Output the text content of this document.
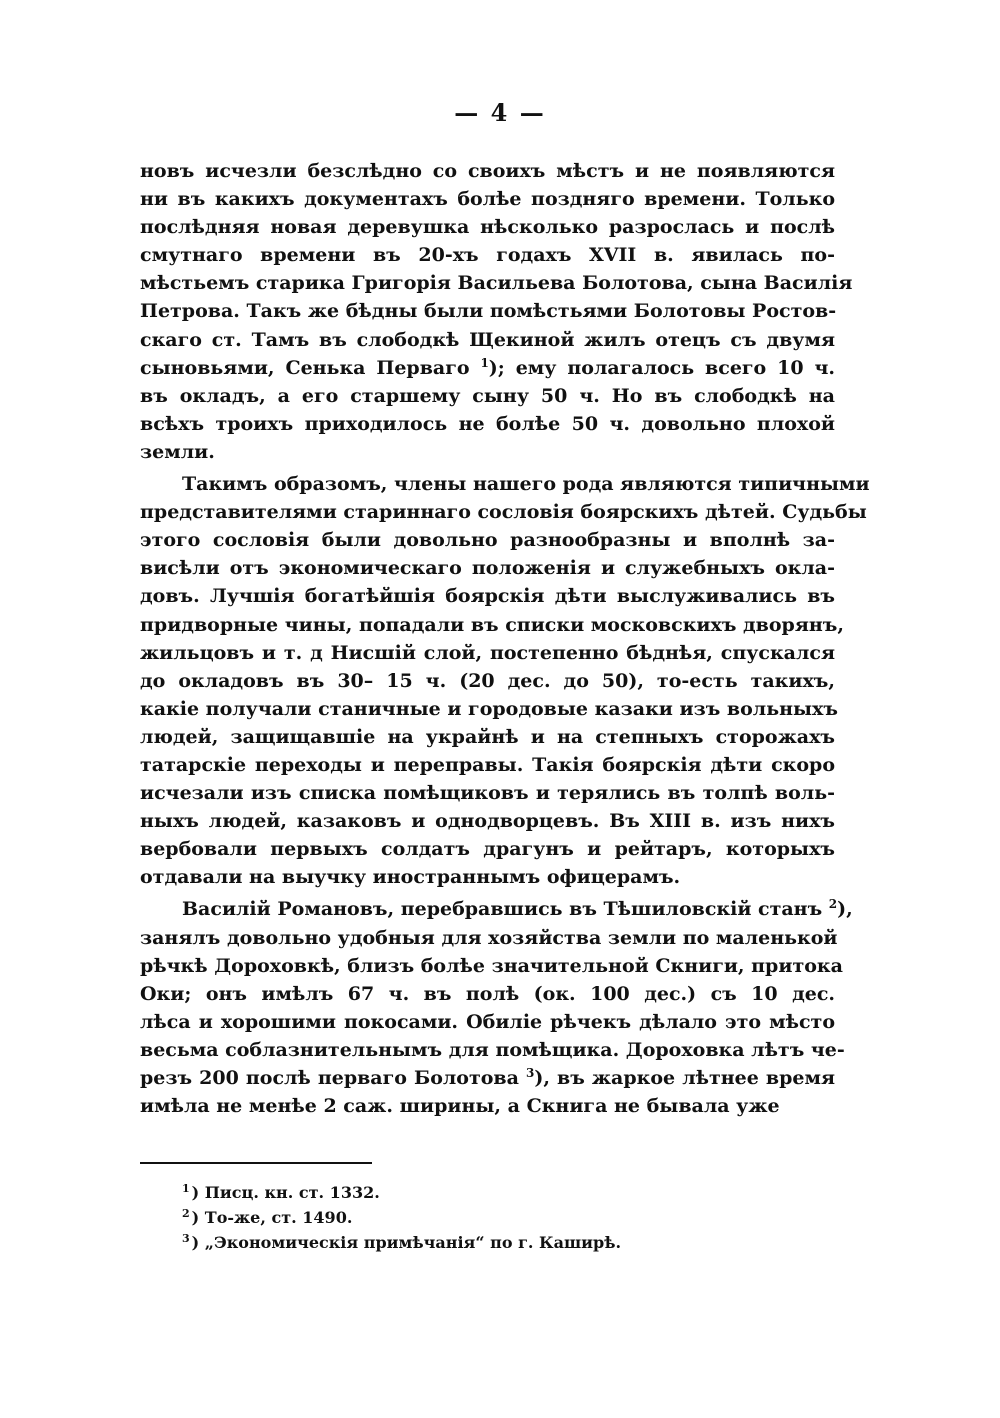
— 4 —
новъ исчезли безслѣдно со своихъ мѣстъ и не появляются
ни въ какихъ документахъ болѣе поздняго времени. Только
послѣдняя новая деревушка нѣсколько разрослась и послѣ
смутнаго времени въ 20-хъ годахъ XVII в. явилась по-
мѣстьемъ старика Григорія Васильева Болотова, сына Василія
Петрова. Такъ же бѣдны были помѣстьями Болотовы Ростов-
скаго ст. Тамъ въ слободкѣ Щекиной жилъ отецъ съ двумя
сыновьями, Сенька Перваго $^1$); ему полагалось всего 10 ч.
въ окладъ, а его старшему сыну 50 ч. Но въ слободкѣ на
всѣхъ троихъ приходилось не болѣе 50 ч. довольно плохой
земли.
Такимъ образомъ, члены нашего рода являются типичными
представителями стариннаго сословія боярскихъ дѣтей. Судьбы
этого сословія были довольно разнообразны и вполнѣ за-
висѣли отъ экономическаго положенія и служебныхъ окла-
довъ. Лучшія богатѣйшія боярскія дѣти выслуживались въ
придворные чины, попадали въ списки московскихъ дворянъ,
жильцовъ и т. д Нисшій слой, постепенно бѣднѣя, спускался
до окладовъ въ 30– 15 ч. (20 дес. до 50), то-есть такихъ,
какіе получали станичные и городовые казаки изъ вольныхъ
людей, защищавшіе на украйнѣ и на степныхъ сторожахъ
татарскіе переходы и переправы. Такія боярскія дѣти скоро
исчезали изъ списка помѣщиковъ и терялись въ толпѣ воль-
ныхъ людей, казаковъ и однодворцевъ. Въ XIII в. изъ нихъ
вербовали первыхъ солдатъ драгунъ и рейтаръ, которыхъ
отдавали на выучку иностраннымъ офицерамъ.
Василій Романовъ, перебравшись въ Тѣшиловскій станъ $^2$),
занялъ довольно удобныя для хозяйства земли по маленькой
рѣчкѣ Дороховкѣ, близъ болѣе значительной Скниги, притока
Оки; онъ имѣлъ 67 ч. въ полѣ (ок. 100 дес.) съ 10 дес.
лѣса и хорошими покосами. Обиліе рѣчекъ дѣлало это мѣсто
весьма соблазнительнымъ для помѣщика. Дороховка лѣтъ че-
резъ 200 послѣ перваго Болотова $^3$), въ жаркое лѣтнее время
имѣла не менѣе 2 саж. ширины, а Скнига не бывала уже
$^1$ ) Писц. кн. ст. 1332.
$^2$ ) То-же, ст. 1490.
$^3$ ) „Экономическія примѣчанія“ по г. Каширѣ.
